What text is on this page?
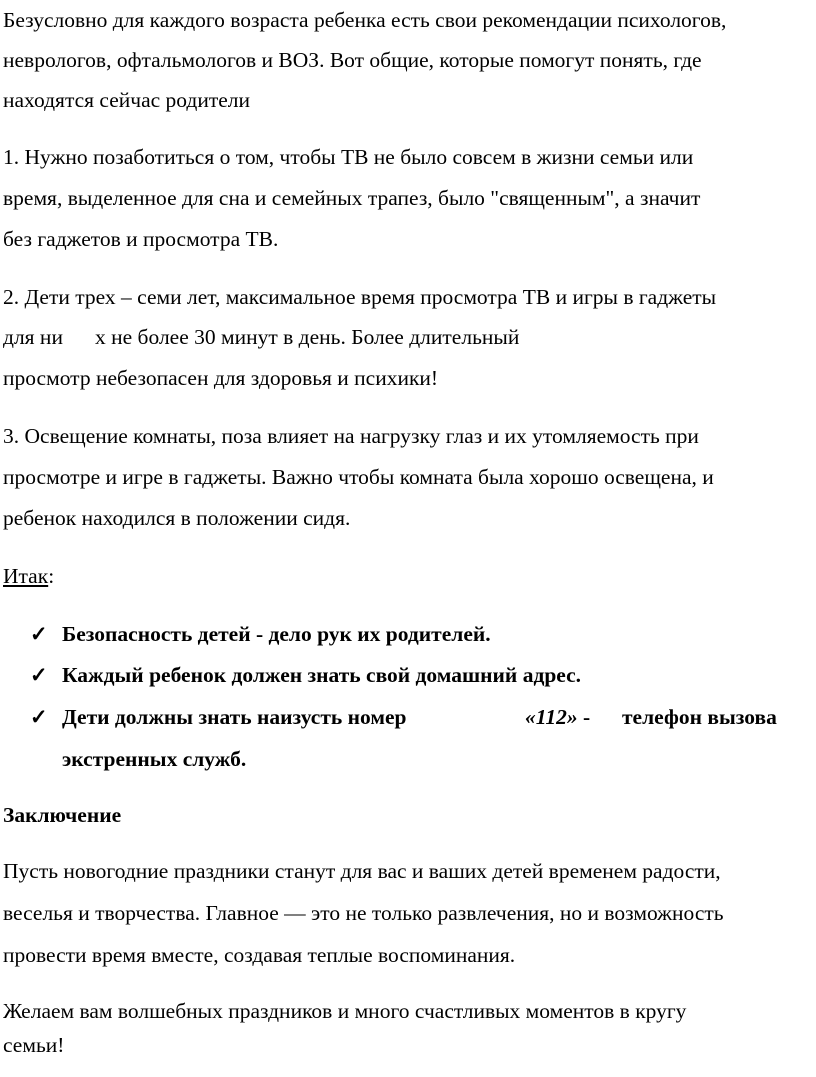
Безусловно для каждого возраста ребенка есть свои рекомендации психологов,
неврологов, офтальмологов и ВОЗ. Вот общие, которые помогут понять, где
находятся сейчас родители
1. Нужно позаботиться о том, чтобы ТВ не было совсем в жизни семьи или
время, выделенное для сна и семейных трапез, было "священным", а значит
без гаджетов и просмотра ТВ.
2. Дети трех – семи лет, максимальное время просмотра ТВ и игры в гаджеты
для ни х не более 30 минут в день. Более длительный
просмотр небезопасен для здоровья и психики!
3. Освещение комнаты, поза влияет на нагрузку глаз и их утомляемость при
просмотре и игре в гаджеты. Важно чтобы комната была хорошо освещена, и
ребенок находился в положении сидя.
Итак:
✓ Безопасность детей - дело рук их родителей.
✓ Каждый ребенок должен знать свой домашний адрес.
✓ Дети должны знать наизусть номер	«112» - телефон вызова
экстренных служб.
Заключение
Пусть новогодние праздники станут для вас и ваших детей временем радости,
веселья и творчества. Главное — это не только развлечения, но и возможность
провести время вместе, создавая теплые воспоминания.
Желаем вам волшебных праздников и много счастливых моментов в кругу
семьи!
